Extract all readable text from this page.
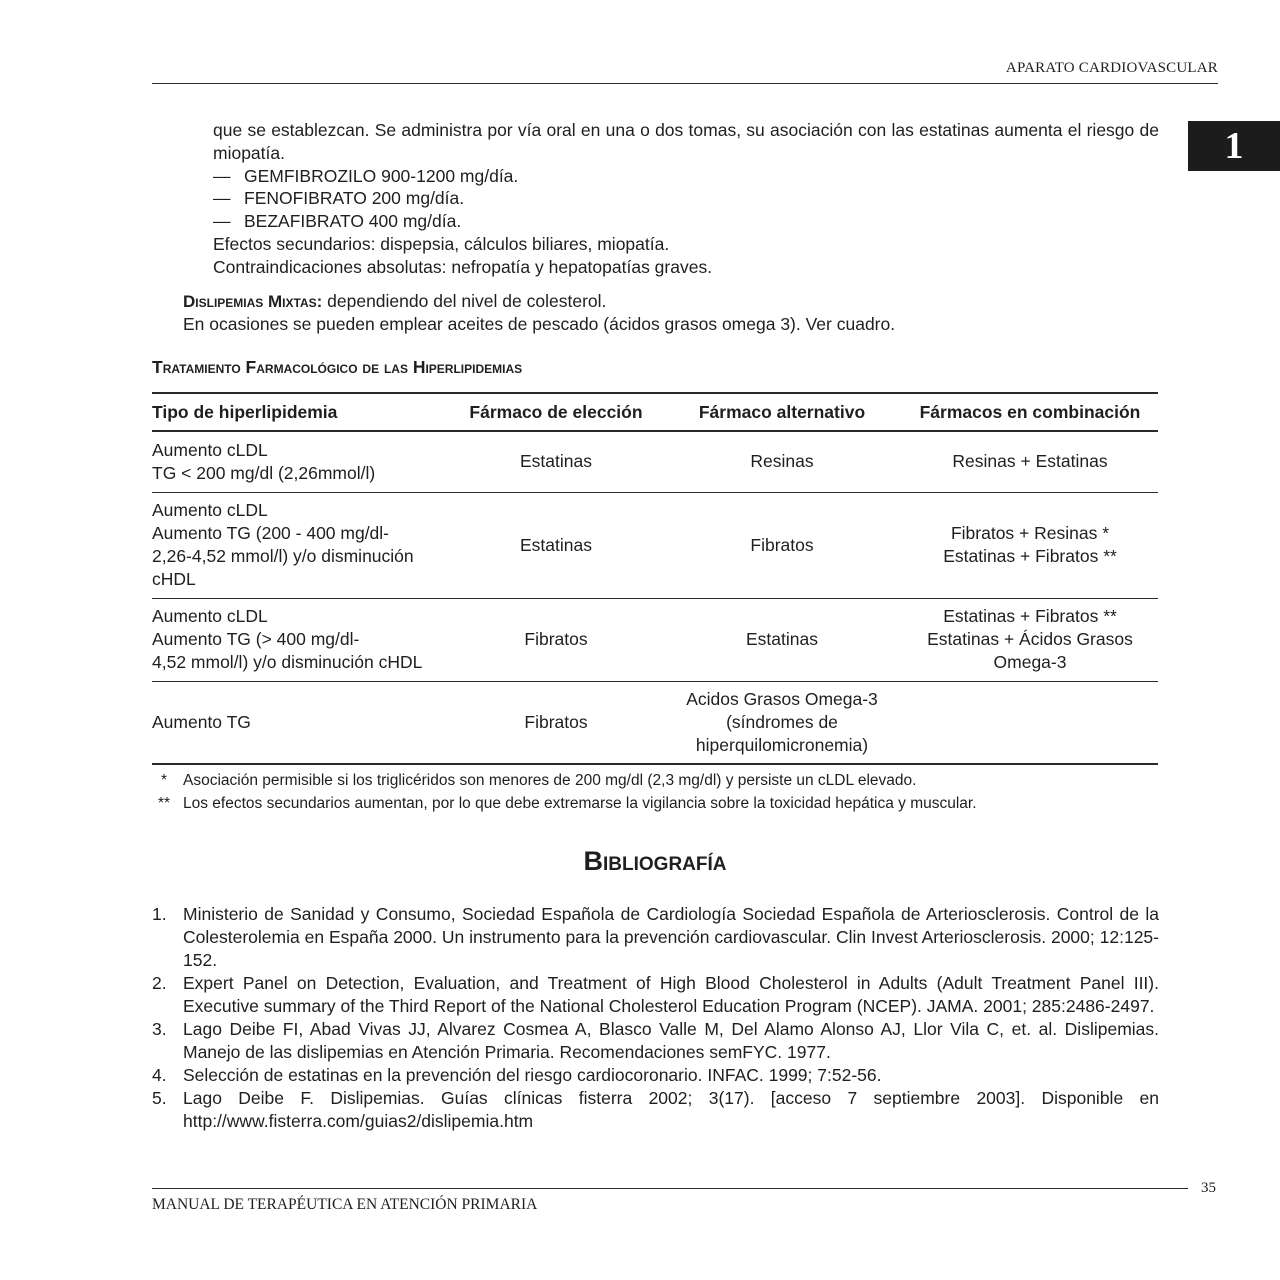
APARATO CARDIOVASCULAR
1

que se establezcan. Se administra por vía oral en una o dos tomas, su asociación con las estatinas aumenta el riesgo de miopatía.

— GEMFIBROZILO 900-1200 mg/día.

— FENOFIBRATO 200 mg/día.

— BEZAFIBRATO 400 mg/día.

Efectos secundarios: dispepsia, cálculos biliares, miopatía.

Contraindicaciones absolutas: nefropatía y hepatopatías graves.

Dislipemias Mixtas: dependiendo del nivel de colesterol.

En ocasiones se pueden emplear aceites de pescado (ácidos grasos omega 3). Ver cuadro.

Tratamiento Farmacológico de las Hiperlipidemias
Tipo de hiperlipidemia	Fármaco de elección	Fármaco alternativo	Fármacos en combinación

Aumento cLDL
TG < 200 mg/dl (2,26mmol/l)	Estatinas	Resinas	Resinas + Estatinas

Aumento cLDL
Aumento TG (200 - 400 mg/dl-
2,26-4,52 mmol/l) y/o disminución
cHDL	Estatinas	Fibratos	Fibratos + Resinas *
Estatinas + Fibratos **

Aumento cLDL
Aumento TG (> 400 mg/dl-
4,52 mmol/l) y/o disminución cHDL	Fibratos	Estatinas	Estatinas + Fibratos **
Estatinas + Ácidos Grasos
Omega-3

Aumento TG	Fibratos	Acidos Grasos Omega-3
(síndromes de
hiperquilomicronemia)	

*	Asociación permisible si los triglicéridos son menores de 200 mg/dl (2,3 mg/dl) y persiste un cLDL elevado.
** Los efectos secundarios aumentan, por lo que debe extremarse la vigilancia sobre la toxicidad hepática y muscular.
Bibliografía
1. Ministerio de Sanidad y Consumo, Sociedad Española de Cardiología Sociedad Española de Arteriosclerosis. Control de la Colesterolemia en España 2000. Un instrumento para la prevención cardiovascular. Clin Invest Arteriosclerosis. 2000; 12:125-152.
2. Expert Panel on Detection, Evaluation, and Treatment of High Blood Cholesterol in Adults (Adult Treatment Panel III). Executive summary of the Third Report of the National Cholesterol Education Program (NCEP). JAMA. 2001; 285:2486-2497.
3. Lago Deibe FI, Abad Vivas JJ, Alvarez Cosmea A, Blasco Valle M, Del Alamo Alonso AJ, Llor Vila C, et. al. Dislipemias. Manejo de las dislipemias en Atención Primaria. Recomendaciones semFYC. 1977.
4. Selección de estatinas en la prevención del riesgo cardiocoronario. INFAC. 1999; 7:52-56.
5. Lago Deibe F. Dislipemias. Guías clínicas fisterra 2002; 3(17). [acceso 7 septiembre 2003]. Disponible en http://www.fisterra.com/guias2/dislipemia.htm
MANUAL DE TERAPÉUTICA EN ATENCIÓN PRIMARIA
35
